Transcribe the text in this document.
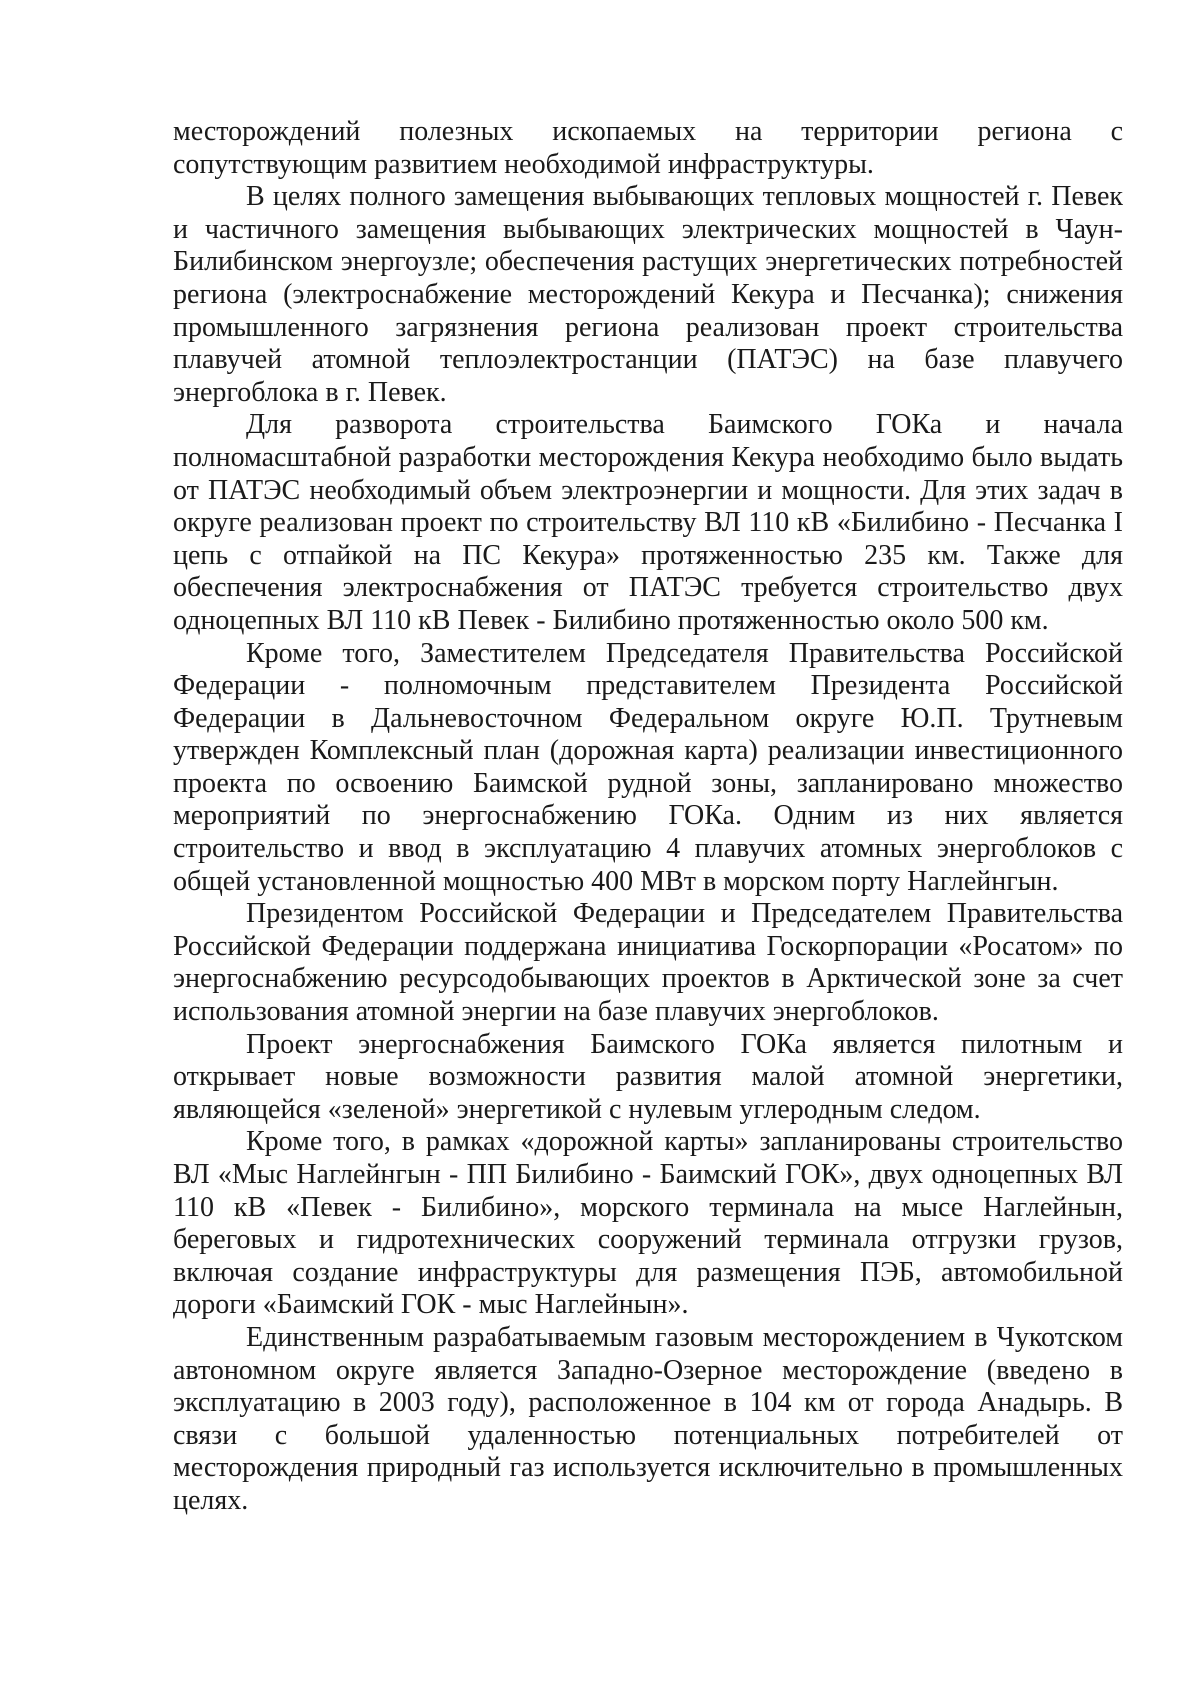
месторождений полезных ископаемых на территории региона с сопутствующим развитием необходимой инфраструктуры.

В целях полного замещения выбывающих тепловых мощностей г. Певек и частичного замещения выбывающих электрических мощностей в Чаун-Билибинском энергоузле; обеспечения растущих энергетических потребностей региона (электроснабжение месторождений Кекура и Песчанка); снижения промышленного загрязнения региона реализован проект строительства плавучей атомной теплоэлектростанции (ПАТЭС) на базе плавучего энергоблока в г. Певек.

Для разворота строительства Баимского ГОКа и начала полномасштабной разработки месторождения Кекура необходимо было выдать от ПАТЭС необходимый объем электроэнергии и мощности. Для этих задач в округе реализован проект по строительству ВЛ 110 кВ «Билибино - Песчанка I цепь с отпайкой на ПС Кекура» протяженностью 235 км. Также для обеспечения электроснабжения от ПАТЭС требуется строительство двух одноцепных ВЛ 110 кВ Певек - Билибино протяженностью около 500 км.

Кроме того, Заместителем Председателя Правительства Российской Федерации - полномочным представителем Президента Российской Федерации в Дальневосточном Федеральном округе Ю.П. Трутневым утвержден Комплексный план (дорожная карта) реализации инвестиционного проекта по освоению Баимской рудной зоны, запланировано множество мероприятий по энергоснабжению ГОКа. Одним из них является строительство и ввод в эксплуатацию 4 плавучих атомных энергоблоков с общей установленной мощностью 400 МВт в морском порту Наглейнгын.

Президентом Российской Федерации и Председателем Правительства Российской Федерации поддержана инициатива Госкорпорации «Росатом» по энергоснабжению ресурсодобывающих проектов в Арктической зоне за счет использования атомной энергии на базе плавучих энергоблоков.

Проект энергоснабжения Баимского ГОКа является пилотным и открывает новые возможности развития малой атомной энергетики, являющейся «зеленой» энергетикой с нулевым углеродным следом.

Кроме того, в рамках «дорожной карты» запланированы строительство ВЛ «Мыс Наглейнгын - ПП Билибино - Баимский ГОК», двух одноцепных ВЛ 110 кВ «Певек - Билибино», морского терминала на мысе Наглейнын, береговых и гидротехнических сооружений терминала отгрузки грузов, включая создание инфраструктуры для размещения ПЭБ, автомобильной дороги «Баимский ГОК - мыс Наглейнын».

Единственным разрабатываемым газовым месторождением в Чукотском автономном округе является Западно-Озерное месторождение (введено в эксплуатацию в 2003 году), расположенное в 104 км от города Анадырь. В связи с большой удаленностью потенциальных потребителей от месторождения природный газ используется исключительно в промышленных целях.
